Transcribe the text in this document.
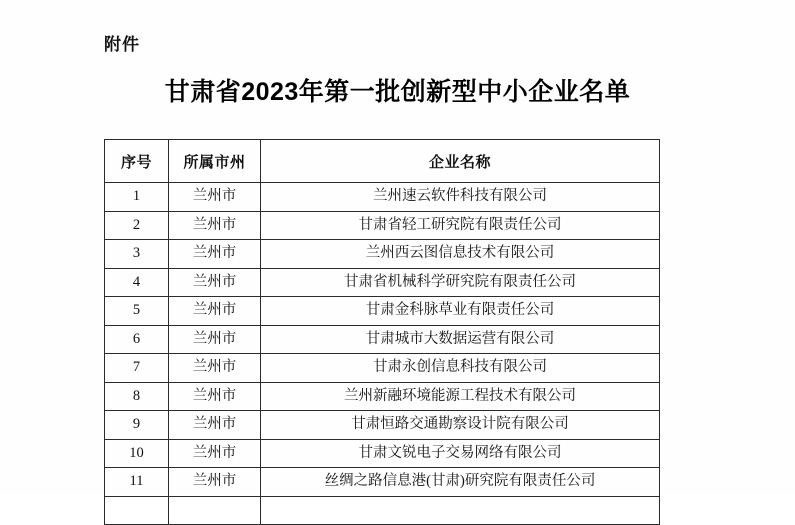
附件
甘肃省2023年第一批创新型中小企业名单
序号	所属市州	企业名称
1	兰州市	兰州速云软件科技有限公司
2	兰州市	甘肃省轻工研究院有限责任公司
3	兰州市	兰州西云图信息技术有限公司
4	兰州市	甘肃省机械科学研究院有限责任公司
5	兰州市	甘肃金科脉草业有限责任公司
6	兰州市	甘肃城市大数据运营有限公司
7	兰州市	甘肃永创信息科技有限公司
8	兰州市	兰州新融环境能源工程技术有限公司
9	兰州市	甘肃恒路交通勘察设计院有限公司
10	兰州市	甘肃文锐电子交易网络有限公司
11	兰州市	丝绸之路信息港(甘肃)研究院有限责任公司
